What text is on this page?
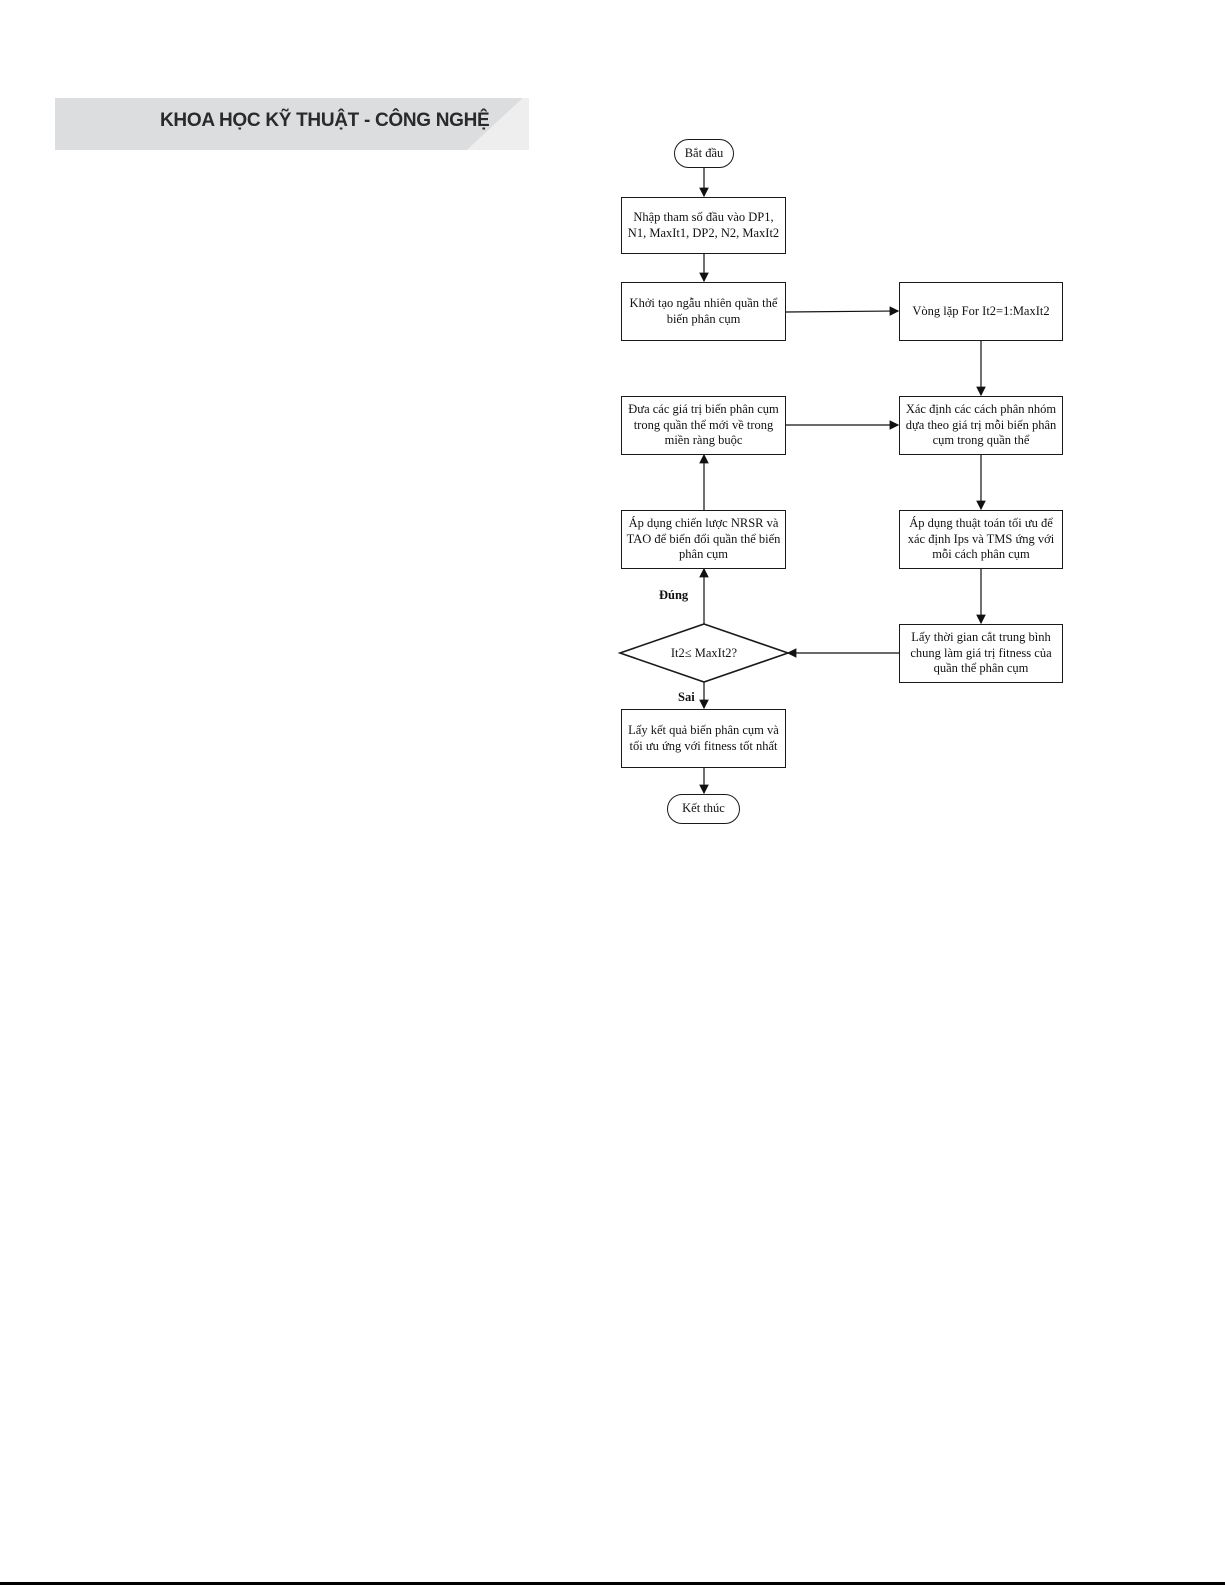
KHOA HỌC KỸ THUẬT - CÔNG NGHỆ
Bắt đầu
Nhập tham số đầu vào DP1, N1, MaxIt1, DP2, N2, MaxIt2
Khởi tạo ngẫu nhiên quần thể biến phân cụm
Vòng lặp For It2=1:MaxIt2
Xác định các cách phân nhóm dựa theo giá trị mỗi biến phân cụm trong quần thể
Đưa các giá trị biến phân cụm trong quần thể mới về trong miền ràng buộc
Áp dụng thuật toán tối ưu để xác định Ips và TMS ứng với mỗi cách phân cụm
Áp dụng chiến lược NRSR và TAO để biến đổi quần thể biến phân cụm
Lấy thời gian cắt trung bình chung làm giá trị fitness của quần thể phân cụm
It2≤ MaxIt2?
Đúng
Sai
Lấy kết quả biến phân cụm và tối ưu ứng với fitness tốt nhất
Kết thúc
